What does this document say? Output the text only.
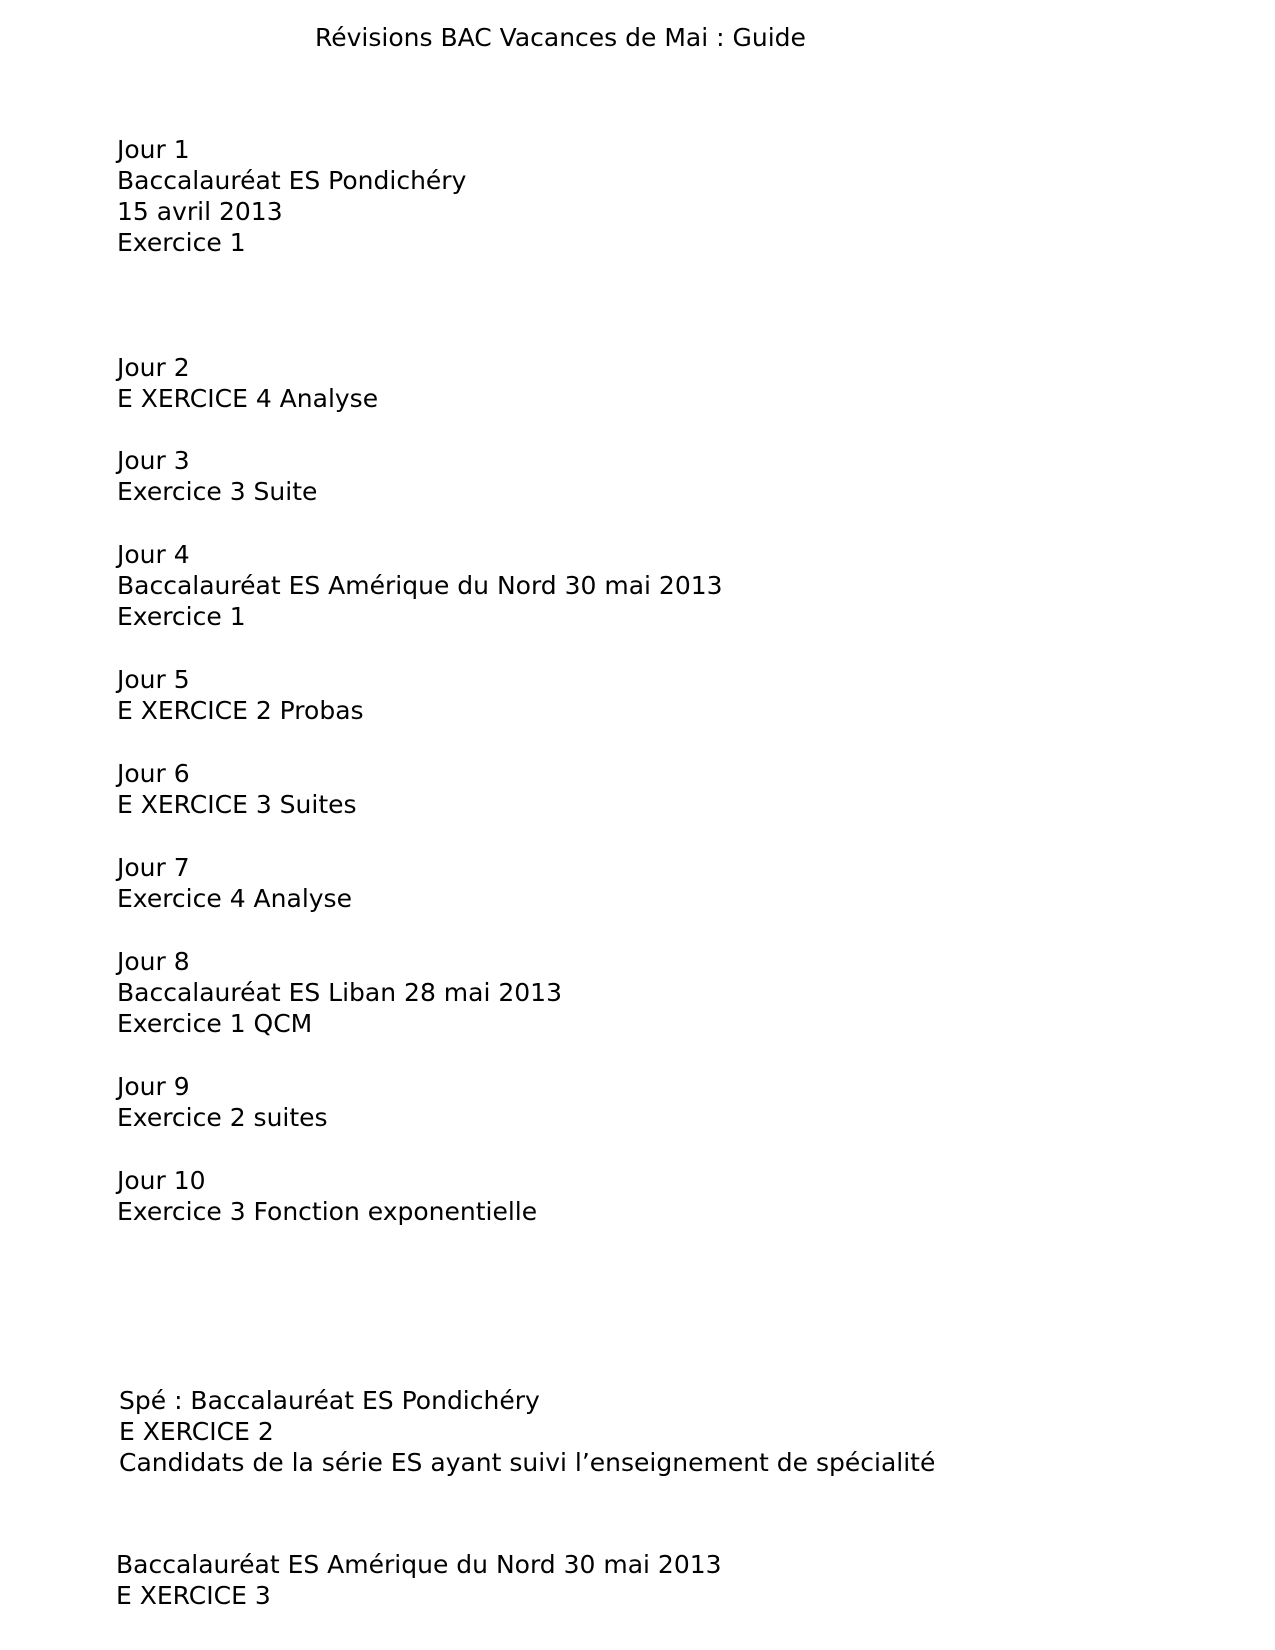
Révisions BAC Vacances de Mai : Guide
Jour 1
Baccalauréat ES Pondichéry
15 avril 2013
Exercice 1
Jour 2
E XERCICE 4 Analyse
Jour 3
Exercice 3 Suite
Jour 4
Baccalauréat ES Amérique du Nord 30 mai 2013
Exercice 1
Jour 5
E XERCICE 2 Probas
Jour 6
E XERCICE 3 Suites
Jour 7
Exercice 4 Analyse
Jour 8
Baccalauréat ES Liban 28 mai 2013
Exercice 1 QCM
Jour 9
Exercice 2 suites
Jour 10
Exercice 3 Fonction exponentielle
Spé : Baccalauréat ES Pondichéry
E XERCICE 2
Candidats de la série ES ayant suivi l’enseignement de spécialité
Baccalauréat ES Amérique du Nord 30 mai 2013
E XERCICE 3
